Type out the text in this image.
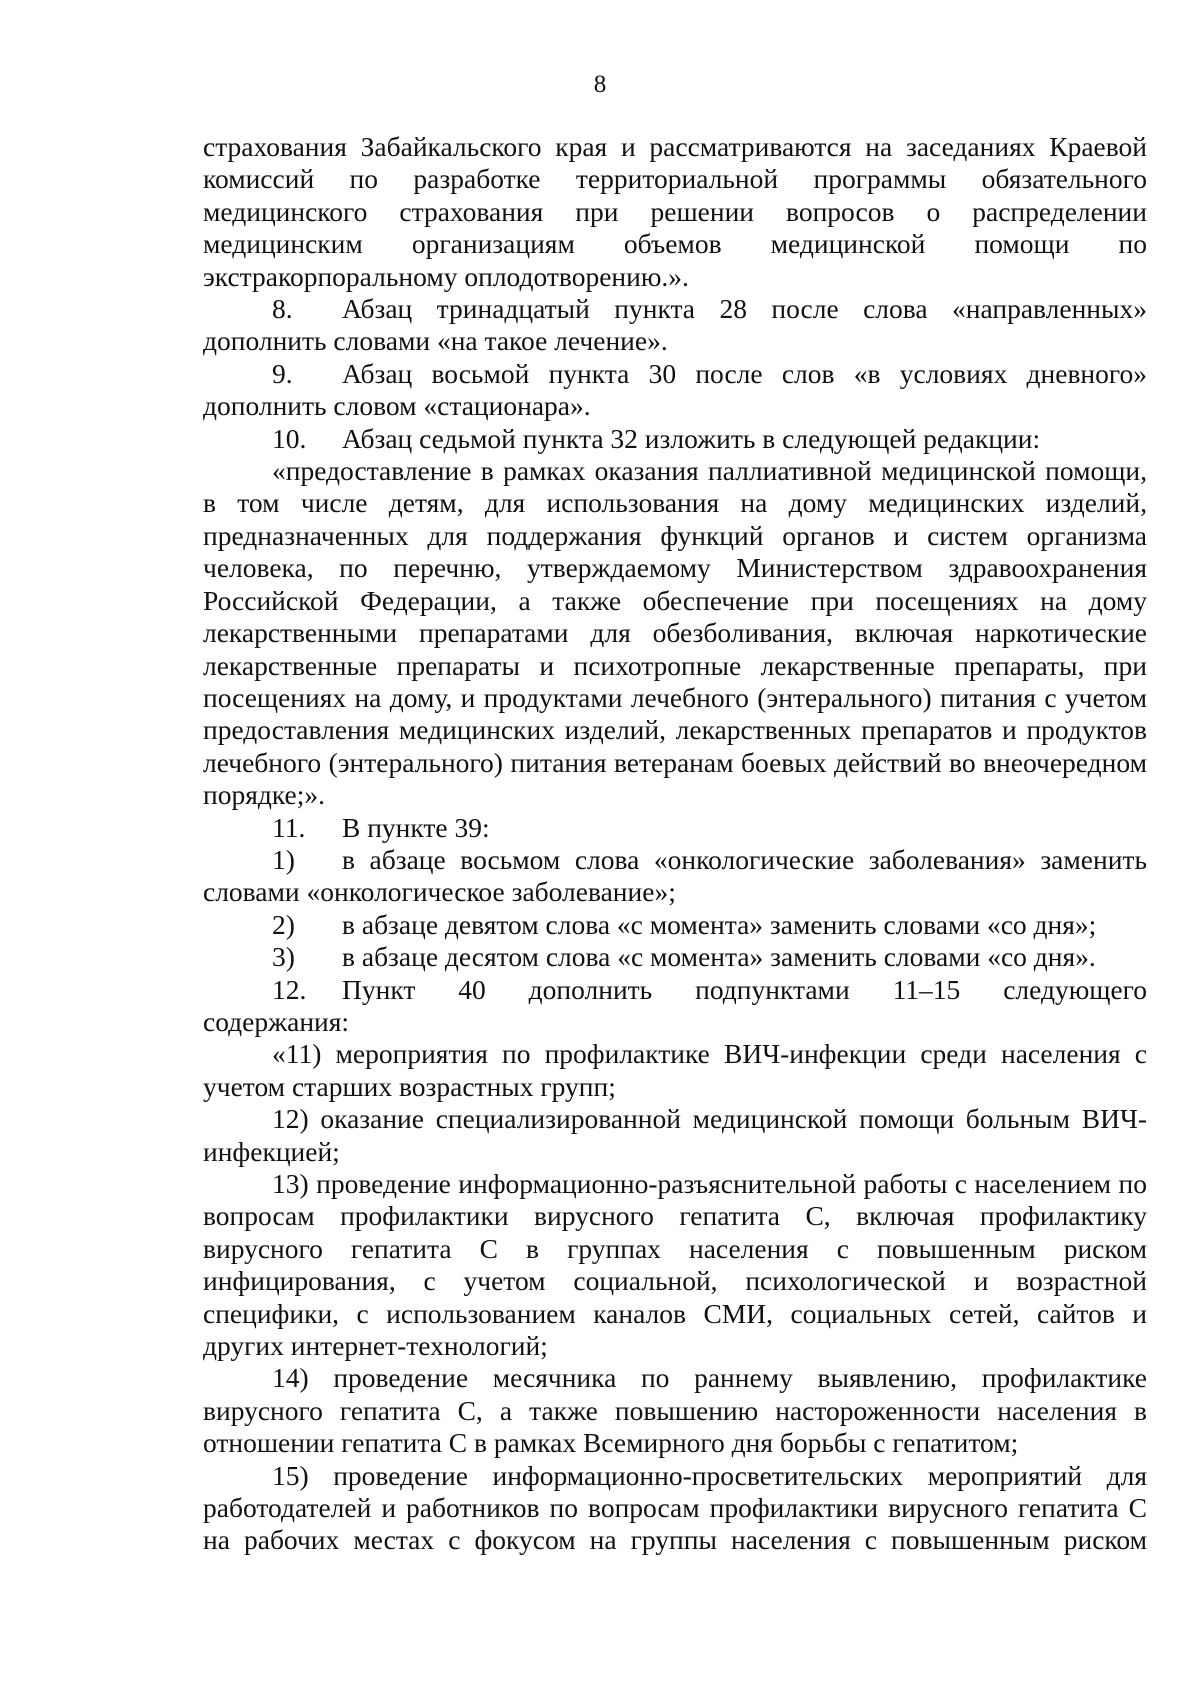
8

страхования Забайкальского края и рассматриваются на заседаниях Краевой комиссий по разработке территориальной программы обязательного медицинского страхования при решении вопросов о распределении медицинским организациям объемов медицинской помощи по экстракорпоральному оплодотворению.».

8.	Абзац тринадцатый пункта 28 после слова «направленных»

дополнить словами «на такое лечение».

9.	Абзац восьмой пункта 30 после слов «в условиях дневного»

дополнить словом «стационара».

10.	Абзац седьмой пункта 32 изложить в следующей редакции:

«предоставление в рамках оказания паллиативной медицинской помощи, в том числе детям, для использования на дому медицинских изделий, предназначенных для поддержания функций органов и систем организма человека, по перечню, утверждаемому Министерством здравоохранения Российской Федерации, а также обеспечение при посещениях на дому лекарственными препаратами для обезболивания, включая наркотические лекарственные препараты и психотропные лекарственные препараты, при посещениях на дому, и продуктами лечебного (энтерального) питания с учетом предоставления медицинских изделий, лекарственных препаратов и продуктов лечебного (энтерального) питания ветеранам боевых действий во внеочередном порядке;».

11.	В пункте 39:
1)	в абзаце восьмом слова «онкологические заболевания» заменить

словами «онкологическое заболевание»;

2)	в абзаце девятом слова «с момента» заменить словами «со дня»;
3)	в абзаце десятом слова «с момента» заменить словами «со дня».
12.	Пункт 40 дополнить подпунктами 11–15 следующего

содержания:

«11) мероприятия по профилактике ВИЧ-инфекции среди населения с учетом старших возрастных групп;

12) оказание специализированной медицинской помощи больным ВИЧ-инфекцией;

13) проведение информационно-разъяснительной работы с населением по вопросам профилактики вирусного гепатита С, включая профилактику вирусного гепатита С в группах населения с повышенным риском инфицирования, с учетом социальной, психологической и возрастной специфики, с использованием каналов СМИ, социальных сетей, сайтов и других интернет-технологий;

14) проведение месячника по раннему выявлению, профилактике вирусного гепатита С, а также повышению настороженности населения в отношении гепатита С в рамках Всемирного дня борьбы с гепатитом;

15) проведение информационно-просветительских мероприятий для работодателей и работников по вопросам профилактики вирусного гепатита С на рабочих местах с фокусом на группы населения с повышенным риском
